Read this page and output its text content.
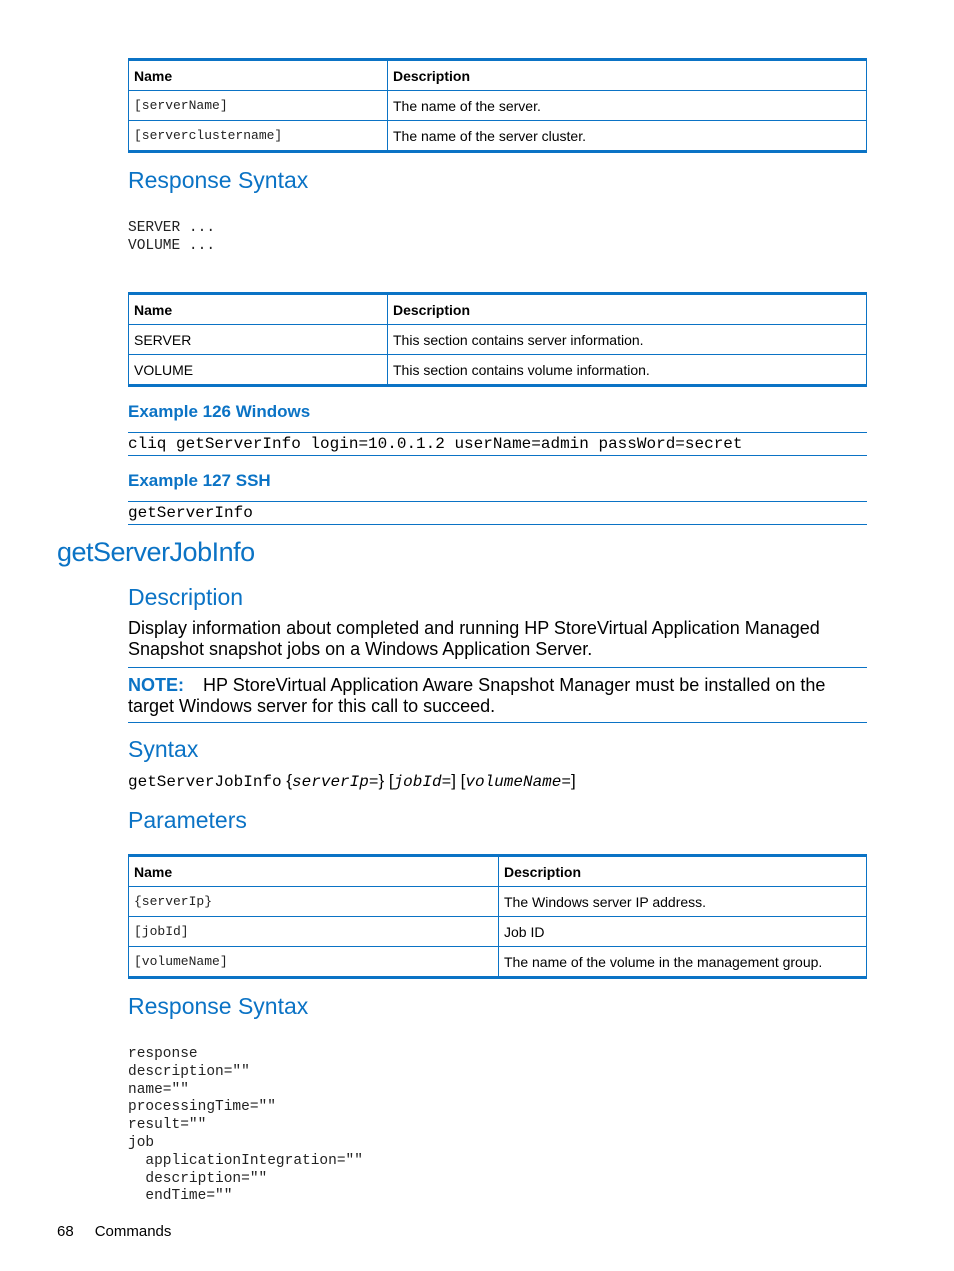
Name	Description
[serverName]	The name of the server.
[serverclustername]	The name of the server cluster.
Response Syntax
SERVER ...
VOLUME ...
Name	Description
SERVER	This section contains server information.
VOLUME	This section contains volume information.
Example 126 Windows
cliq getServerInfo login=10.0.1.2 userName=admin passWord=secret
Example 127 SSH
getServerInfo
getServerJobInfo
Description

Display information about completed and running HP StoreVirtual Application Managed Snapshot snapshot jobs on a Windows Application Server.

NOTE: HP StoreVirtual Application Aware Snapshot Manager must be installed on the target Windows server for this call to succeed.

Syntax
getServerJobInfo {serverIp=} [jobId=] [volumeName=]
Parameters
Name	Description
{serverIp}	The Windows server IP address.
[jobId]	Job ID
[volumeName]	The name of the volume in the management group.
Response Syntax
response
description=""
name=""
processingTime=""
result=""
job
applicationIntegration=""
description=""
endTime=""
68 Commands
